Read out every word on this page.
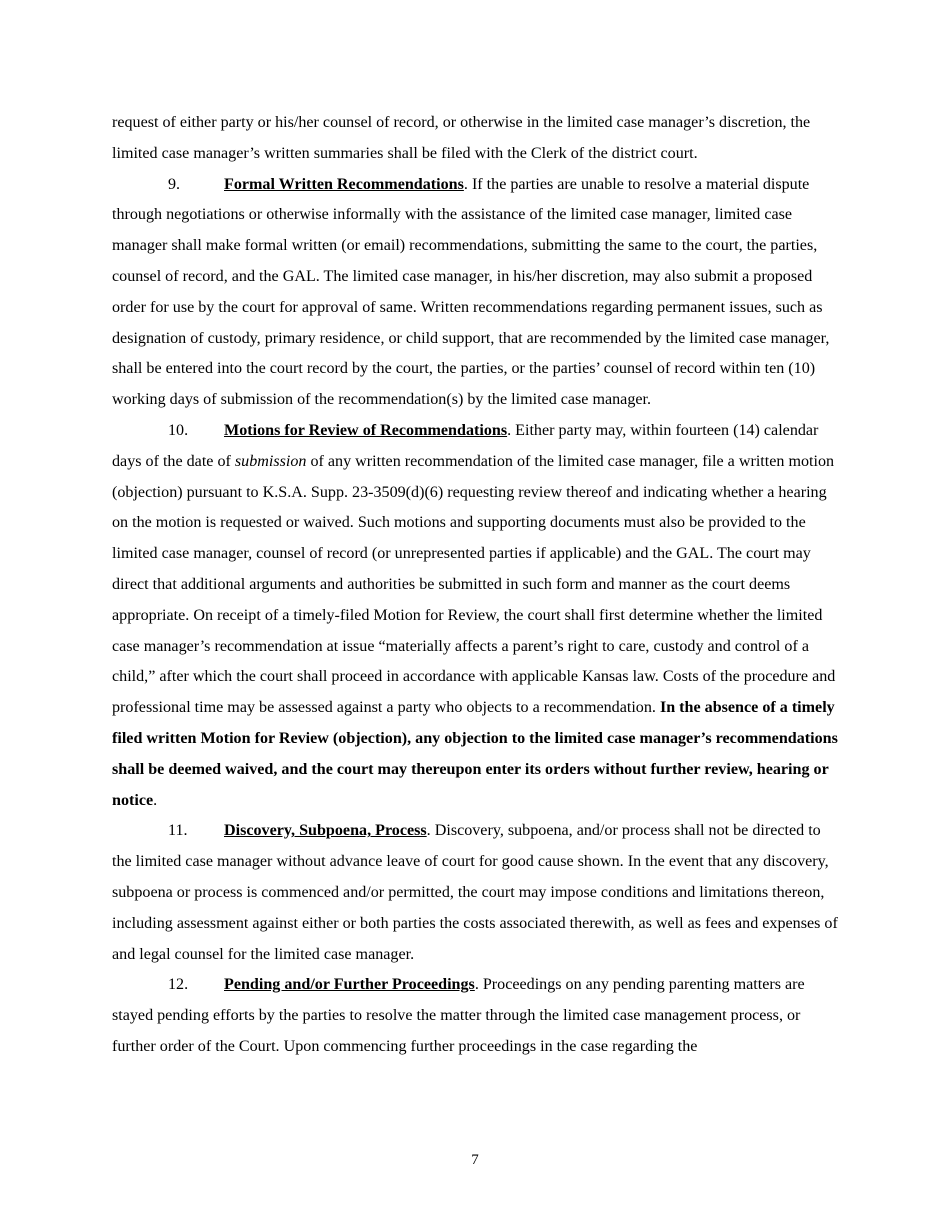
request of either party or his/her counsel of record, or otherwise in the limited case manager’s discretion, the limited case manager’s written summaries shall be filed with the Clerk of the district court.

9.	Formal Written Recommendations. If the parties are unable to resolve a material dispute through negotiations or otherwise informally with the assistance of the limited case manager, limited case manager shall make formal written (or email) recommendations, submitting the same to the court, the parties, counsel of record, and the GAL. The limited case manager, in his/her discretion, may also submit a proposed order for use by the court for approval of same. Written recommendations regarding permanent issues, such as designation of custody, primary residence, or child support, that are recommended by the limited case manager, shall be entered into the court record by the court, the parties, or the parties’ counsel of record within ten (10) working days of submission of the recommendation(s) by the limited case manager.

10. Motions for Review of Recommendations. Either party may, within fourteen (14) calendar days of the date of submission of any written recommendation of the limited case manager, file a written motion (objection) pursuant to K.S.A. Supp. 23-3509(d)(6) requesting review thereof and indicating whether a hearing on the motion is requested or waived. Such motions and supporting documents must also be provided to the limited case manager, counsel of record (or unrepresented parties if applicable) and the GAL. The court may direct that additional arguments and authorities be submitted in such form and manner as the court deems appropriate. On receipt of a timely-filed Motion for Review, the court shall first determine whether the limited case manager’s recommendation at issue “materially affects a parent’s right to care, custody and control of a child,” after which the court shall proceed in accordance with applicable Kansas law. Costs of the procedure and professional time may be assessed against a party who objects to a recommendation. In the absence of a timely filed written Motion for Review (objection), any objection to the limited case manager’s recommendations shall be deemed waived, and the court may thereupon enter its orders without further review, hearing or notice.

11. Discovery, Subpoena, Process. Discovery, subpoena, and/or process shall not be directed to the limited case manager without advance leave of court for good cause shown. In the event that any discovery, subpoena or process is commenced and/or permitted, the court may impose conditions and limitations thereon, including assessment against either or both parties the costs associated therewith, as well as fees and expenses of and legal counsel for the limited case manager.

12. Pending and/or Further Proceedings. Proceedings on any pending parenting matters are stayed pending efforts by the parties to resolve the matter through the limited case management process, or further order of the Court. Upon commencing further proceedings in the case regarding the

7
